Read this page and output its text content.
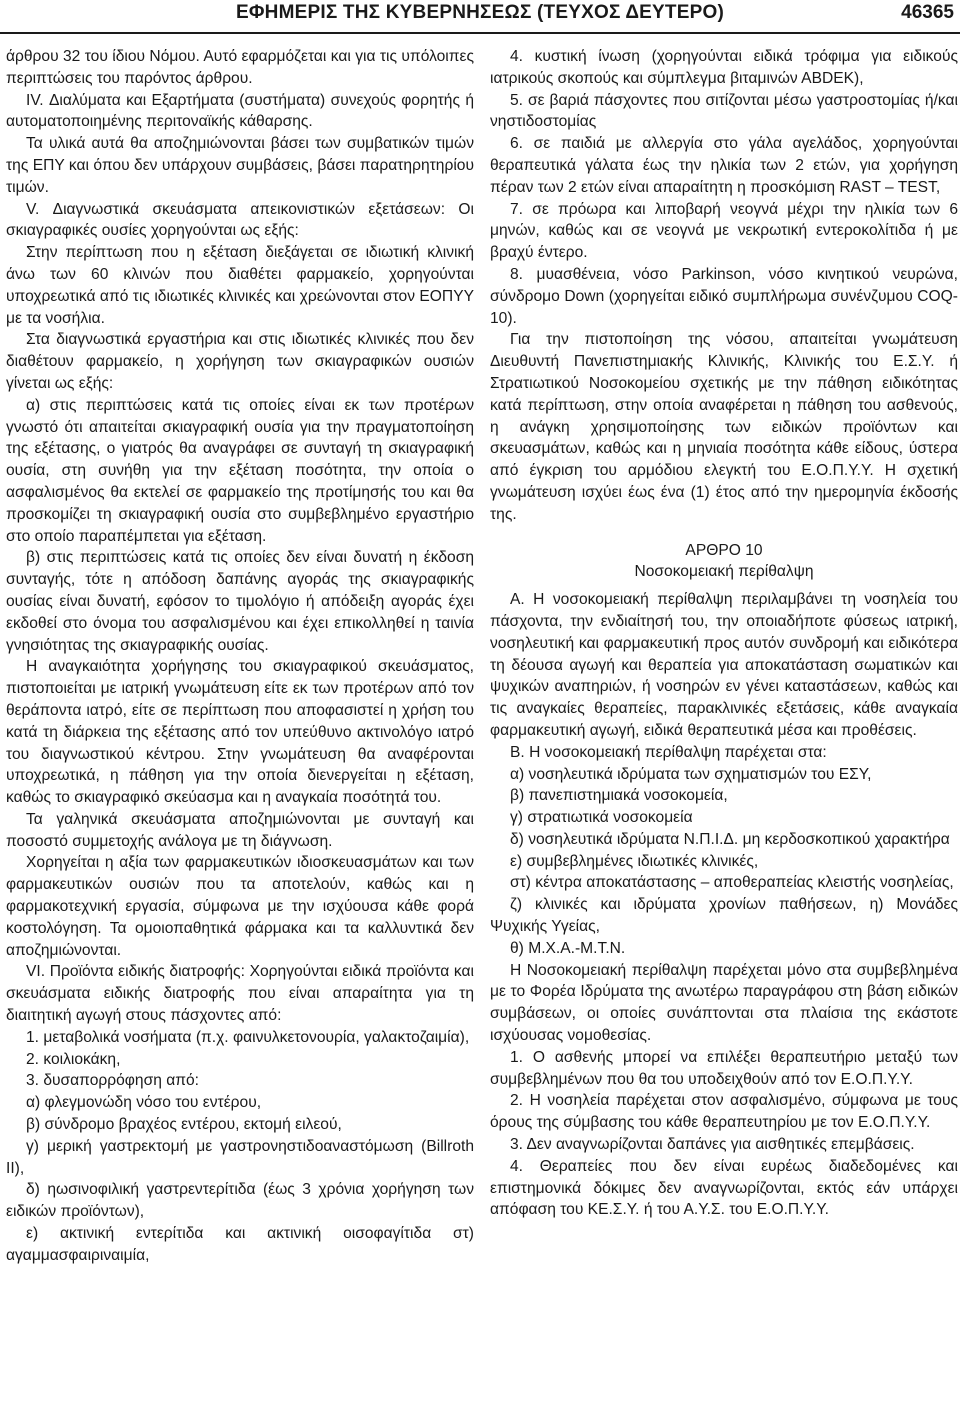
ΕΦΗΜΕΡΙΣ ΤΗΣ ΚΥΒΕΡΝΗΣΕΩΣ (ΤΕΥΧΟΣ ΔΕΥΤΕΡΟ)	46365

άρθρου 32 του ίδιου Νόμου. Αυτό εφαρμόζεται και για τις υπόλοιπες περιπτώσεις του παρόντος άρθρου.

ΙV. Διαλύματα και Εξαρτήματα (συστήματα) συνεχούς φορητής ή αυτοματοποιημένης περιτοναϊκής κάθαρσης.

Τα υλικά αυτά θα αποζημιώνονται βάσει των συμβατικών τιμών της ΕΠΥ και όπου δεν υπάρχουν συμβάσεις, βάσει παρατηρητηρίου τιμών.

V. Διαγνωστικά σκευάσματα απεικονιστικών εξετάσεων: Οι σκιαγραφικές ουσίες χορηγούνται ως εξής:

Στην περίπτωση που η εξέταση διεξάγεται σε ιδιωτική κλινική άνω των 60 κλινών που διαθέτει φαρμακείο, χορηγούνται υποχρεωτικά από τις ιδιωτικές κλινικές και χρεώνονται στον ΕΟΠΥΥ με τα νοσήλια.

Στα διαγνωστικά εργαστήρια και στις ιδιωτικές κλινικές που δεν διαθέτουν φαρμακείο, η χορήγηση των σκιαγραφικών ουσιών γίνεται ως εξής:

α) στις περιπτώσεις κατά τις οποίες είναι εκ των προτέρων γνωστό ότι απαιτείται σκιαγραφική ουσία για την πραγματοποίηση της εξέτασης, ο γιατρός θα αναγράφει σε συνταγή τη σκιαγραφική ουσία, στη συνήθη για την εξέταση ποσότητα, την οποία ο ασφαλισμένος θα εκτελεί σε φαρμακείο της προτίμησής του και θα προσκομίζει τη σκιαγραφική ουσία στο συμβεβλημένο εργαστήριο στο οποίο παραπέμπεται για εξέταση.

β) στις περιπτώσεις κατά τις οποίες δεν είναι δυνατή η έκδοση συνταγής, τότε η απόδοση δαπάνης αγοράς της σκιαγραφικής ουσίας είναι δυνατή, εφόσον το τιμολόγιο ή απόδειξη αγοράς έχει εκδοθεί στο όνομα του ασφαλισμένου και έχει επικολληθεί η ταινία γνησιότητας της σκιαγραφικής ουσίας.

Η αναγκαιότητα χορήγησης του σκιαγραφικού σκευάσματος, πιστοποιείται με ιατρική γνωμάτευση είτε εκ των προτέρων από τον θεράποντα ιατρό, είτε σε περίπτωση που αποφασιστεί η χρήση του κατά τη διάρκεια της εξέτασης από τον υπεύθυνο ακτινολόγο ιατρό του διαγνωστικού κέντρου. Στην γνωμάτευση θα αναφέρονται υποχρεωτικά, η πάθηση για την οποία διενεργείται η εξέταση, καθώς το σκιαγραφικό σκεύασμα και η αναγκαία ποσότητά του.

Τα γαληνικά σκευάσματα αποζημιώνονται με συνταγή και ποσοστό συμμετοχής ανάλογα με τη διάγνωση.

Χορηγείται η αξία των φαρμακευτικών ιδιοσκευασμάτων και των φαρμακευτικών ουσιών που τα αποτελούν, καθώς και η φαρμακοτεχνική εργασία, σύμφωνα με την ισχύουσα κάθε φορά κοστολόγηση. Τα ομοιοπαθητικά φάρμακα και τα καλλυντικά δεν αποζημιώνονται.

VΙ. Προϊόντα ειδικής διατροφής: Χορηγούνται ειδικά προϊόντα και σκευάσματα ειδικής διατροφής που είναι απαραίτητα για τη διαιτητική αγωγή στους πάσχοντες από:

1. μεταβολικά νοσήματα (π.χ. φαινυλκετονουρία, γαλακτοζαιμία),

2. κοιλιοκάκη,

3. δυσαπορρόφηση από:

α) φλεγμονώδη νόσο του εντέρου,

β) σύνδρομο βραχέος εντέρου, εκτομή ειλεού,

γ) μερική γαστρεκτομή με γαστρονηστιδοαναστόμωση (Billroth II),

δ) ηωσινοφιλική γαστρεντερίτιδα (έως 3 χρόνια χορήγηση των ειδικών προϊόντων),

ε) ακτινική εντερίτιδα και ακτινική οισοφαγίτιδα στ) αγαμμασφαιριναιμία,

4. κυστική ίνωση (χορηγούνται ειδικά τρόφιμα για ειδικούς ιατρικούς σκοπούς και σύμπλεγμα βιταμινών ΑΒDEK),

5. σε βαριά πάσχοντες που σιτίζονται μέσω γαστροστομίας ή/και νηστιδοστομίας

6. σε παιδιά με αλλεργία στο γάλα αγελάδος, χορηγούνται θεραπευτικά γάλατα έως την ηλικία των 2 ετών, για χορήγηση πέραν των 2 ετών είναι απαραίτητη η προσκόμιση RAST – TEST,

7. σε πρόωρα και λιποβαρή νεογνά μέχρι την ηλικία των 6 μηνών, καθώς και σε νεογνά με νεκρωτική εντεροκολίτιδα ή με βραχύ έντερο.

8. μυασθένεια, νόσο Parkinson, νόσο κινητικού νευρώνα, σύνδρομο Down (χορηγείται ειδικό συμπλήρωμα συνένζυμου COQ-10).

Για την πιστοποίηση της νόσου, απαιτείται γνωμάτευση Διευθυντή Πανεπιστημιακής Κλινικής, Κλινικής του Ε.Σ.Υ. ή Στρατιωτικού Νοσοκομείου σχετικής με την πάθηση ειδικότητας κατά περίπτωση, στην οποία αναφέρεται η πάθηση του ασθενούς, η ανάγκη χρησιμοποίησης των ειδικών προϊόντων και σκευασμάτων, καθώς και η μηνιαία ποσότητα κάθε είδους, ύστερα από έγκριση του αρμόδιου ελεγκτή του Ε.Ο.Π.Υ.Υ. Η σχετική γνωμάτευση ισχύει έως ένα (1) έτος από την ημερομηνία έκδοσής της.

ΑΡΘΡΟ 10

Νοσοκομειακή περίθαλψη

Α. Η νοσοκομειακή περίθαλψη περιλαμβάνει τη νοσηλεία του πάσχοντα, την ενδιαίτησή του, την οποιαδήποτε φύσεως ιατρική, νοσηλευτική και φαρμακευτική προς αυτόν συνδρομή και ειδικότερα τη δέουσα αγωγή και θεραπεία για αποκατάσταση σωματικών και ψυχικών αναπηριών, ή νοσηρών εν γένει καταστάσεων, καθώς και τις αναγκαίες θεραπείες, παρακλινικές εξετάσεις, κάθε αναγκαία φαρμακευτική αγωγή, ειδικά θεραπευτικά μέσα και προθέσεις.

Β. Η νοσοκομειακή περίθαλψη παρέχεται στα:

α) νοσηλευτικά ιδρύματα των σχηματισμών του ΕΣΥ,

β) πανεπιστημιακά νοσοκομεία,

γ) στρατιωτικά νοσοκομεία

δ) νοσηλευτικά ιδρύματα Ν.Π.Ι.Δ. μη κερδοσκοπικού χαρακτήρα

ε) συμβεβλημένες ιδιωτικές κλινικές,

στ) κέντρα αποκατάστασης – αποθεραπείας κλειστής νοσηλείας,

ζ) κλινικές και ιδρύματα χρονίων παθήσεων, η) Μονάδες Ψυχικής Υγείας,

θ) Μ.Χ.Α.-Μ.Τ.Ν.

Η Νοσοκομειακή περίθαλψη παρέχεται μόνο στα συμβεβλημένα με το Φορέα Ιδρύματα της ανωτέρω παραγράφου στη βάση ειδικών συμβάσεων, οι οποίες συνάπτονται στα πλαίσια της εκάστοτε ισχύουσας νομοθεσίας.

1. Ο ασθενής μπορεί να επιλέξει θεραπευτήριο μεταξύ των συμβεβλημένων που θα του υποδειχθούν από τον Ε.Ο.Π.Υ.Υ.

2. Η νοσηλεία παρέχεται στον ασφαλισμένο, σύμφωνα με τους όρους της σύμβασης του κάθε θεραπευτηρίου με τον Ε.Ο.Π.Υ.Υ.

3. Δεν αναγνωρίζονται δαπάνες για αισθητικές επεμβάσεις.

4. Θεραπείες που δεν είναι ευρέως διαδεδομένες και επιστημονικά δόκιμες δεν αναγνωρίζονται, εκτός εάν υπάρχει απόφαση του ΚΕ.Σ.Υ. ή του Α.Υ.Σ. του Ε.Ο.Π.Υ.Υ.
